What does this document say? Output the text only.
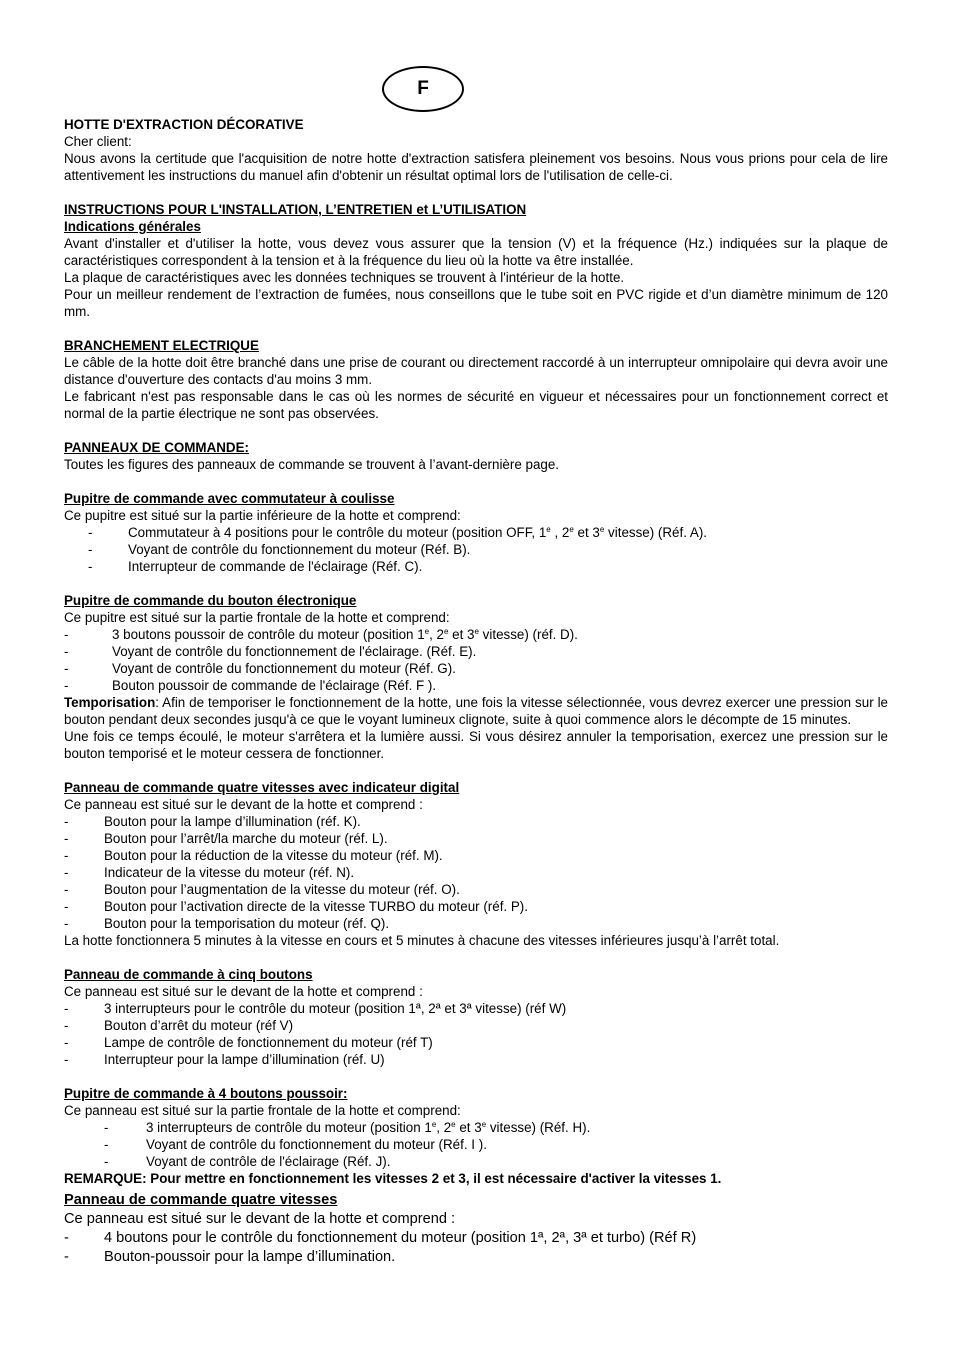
F
HOTTE D'EXTRACTION DÉCORATIVE
Cher client:
Nous avons la certitude que l'acquisition de notre hotte d'extraction satisfera pleinement vos besoins. Nous vous prions pour cela de lire attentivement les instructions du manuel afin d'obtenir un résultat optimal lors de l'utilisation de celle-ci.
INSTRUCTIONS POUR L'INSTALLATION, L’ENTRETIEN et L’UTILISATION
Indications générales
Avant d'installer et d'utiliser la hotte, vous devez vous assurer que la tension (V) et la fréquence (Hz.) indiquées sur la plaque de caractéristiques correspondent à la tension et à la fréquence du lieu où la hotte va être installée.
La plaque de caractéristiques avec les données techniques se trouvent à l'intérieur de la hotte.
Pour un meilleur rendement de l’extraction de fumées, nous conseillons que le tube soit en PVC rigide et d’un diamètre minimum de 120 mm.
BRANCHEMENT ELECTRIQUE
Le câble de la hotte doit être branché dans une prise de courant ou directement raccordé à un interrupteur omnipolaire qui devra avoir une distance d'ouverture des contacts d'au moins 3 mm.
Le fabricant n'est pas responsable dans le cas où les normes de sécurité en vigueur et nécessaires pour un fonctionnement correct et normal de la partie électrique ne sont pas observées.
PANNEAUX DE COMMANDE:
Toutes les figures des panneaux de commande se trouvent à l’avant-dernière page.
Pupitre de commande avec commutateur à coulisse
Ce pupitre est situé sur la partie inférieure de la hotte et comprend:
-	Commutateur à 4 positions pour le contrôle du moteur (position OFF, 1e , 2e et 3e vitesse) (Réf. A).
-	Voyant de contrôle du fonctionnement du moteur (Réf. B).
-	Interrupteur de commande de l'éclairage (Réf. C).
Pupitre de commande du bouton électronique
Ce pupitre est situé sur la partie frontale de la hotte et comprend:
-	3 boutons poussoir de contrôle du moteur (position 1e, 2e et 3e vitesse) (réf. D).
-	Voyant de contrôle du fonctionnement de l'éclairage. (Réf. E).
-	Voyant de contrôle du fonctionnement du moteur (Réf. G).
-	Bouton poussoir de commande de l'éclairage (Réf. F ).
Temporisation: Afin de temporiser le fonctionnement de la hotte, une fois la vitesse sélectionnée, vous devrez exercer une pression sur le bouton pendant deux secondes jusqu'à ce que le voyant lumineux clignote, suite à quoi commence alors le décompte de 15 minutes.
Une fois ce temps écoulé, le moteur s'arrêtera et la lumière aussi. Si vous désirez annuler la temporisation, exercez une pression sur le bouton temporisé et le moteur cessera de fonctionner.
Panneau de commande quatre vitesses avec indicateur digital
Ce panneau est situé sur le devant de la hotte et comprend :
-	Bouton pour la lampe d’illumination (réf. K).
-	Bouton pour l’arrêt/la marche du moteur (réf. L).
-	Bouton pour la réduction de la vitesse du moteur (réf. M).
-	Indicateur de la vitesse du moteur (réf. N).
-	Bouton pour l’augmentation de la vitesse du moteur (réf. O).
-	Bouton pour l’activation directe de la vitesse TURBO du moteur (réf. P).
-	Bouton pour la temporisation du moteur (réf. Q).
La hotte fonctionnera 5 minutes à la vitesse en cours et 5 minutes à chacune des vitesses inférieures jusqu’à l’arrêt total.
Panneau de commande à cinq boutons
Ce panneau est situé sur le devant de la hotte et comprend :
-	3 interrupteurs pour le contrôle du moteur (position 1ª, 2ª et 3ª vitesse) (réf W)
-	Bouton d’arrêt du moteur (réf V)
-	Lampe de contrôle de fonctionnement du moteur (réf T)
-	Interrupteur pour la lampe d’illumination (réf. U)
Pupitre de commande à 4 boutons poussoir:
Ce panneau est situé sur la partie frontale de la hotte et comprend:
-	3 interrupteurs de contrôle du moteur (position 1e, 2e et 3e vitesse) (Réf. H).
-	Voyant de contrôle du fonctionnement du moteur (Réf. I ).
-	Voyant de contrôle de l'éclairage (Réf. J).
REMARQUE: Pour mettre en fonctionnement les vitesses 2 et 3, il est nécessaire d'activer la vitesses 1.
Panneau de commande quatre vitesses
Ce panneau est situé sur le devant de la hotte et comprend :
- 4 boutons pour le contrôle du fonctionnement du moteur (position 1ª, 2ª, 3ª et turbo) (Réf R)
- Bouton-poussoir pour la lampe d’illumination.
